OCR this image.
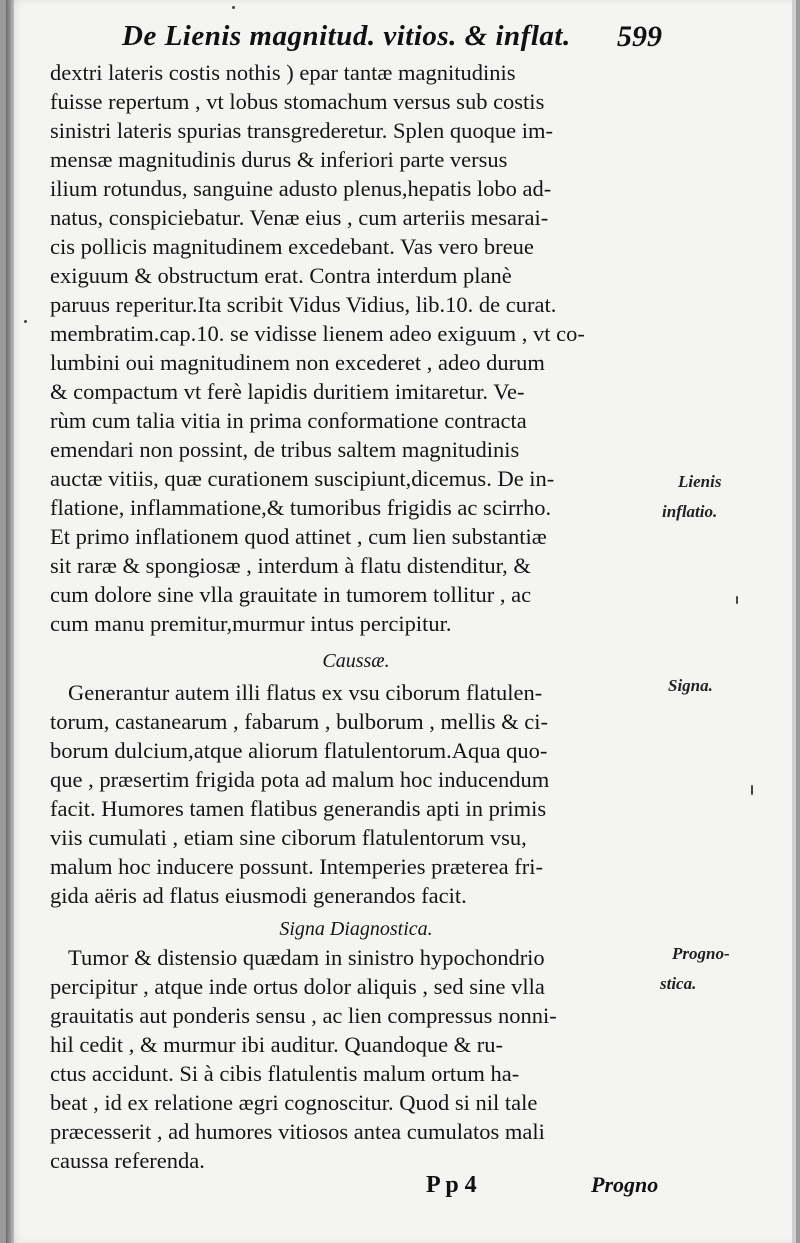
De Lienis magnitud. vitios. & inflat. 599
dextri lateris costis nothis ) epar tantæ magnitudinis
fuisse repertum , vt lobus stomachum versus sub costis
sinistri lateris spurias transgrederetur. Splen quoque im-
mensæ magnitudinis durus & inferiori parte versus
ilium rotundus, sanguine adusto plenus,hepatis lobo ad-
natus, conspiciebatur. Venæ eius , cum arteriis mesarai-
cis pollicis magnitudinem excedebant. Vas vero breue
exiguum & obstructum erat. Contra interdum planè
paruus reperitur.Ita scribit Vidus Vidius, lib.10. de curat.
membratim.cap.10. se vidisse lienem adeo exiguum , vt co-
lumbini oui magnitudinem non excederet , adeo durum
& compactum vt ferè lapidis duritiem imitaretur. Ve-
rùm cum talia vitia in prima conformatione contracta
emendari non possint, de tribus saltem magnitudinis
auctæ vitiis, quæ curationem suscipiunt,dicemus. De in-
flatione, inflammatione,& tumoribus frigidis ac scirrho.
Et primo inflationem quod attinet , cum lien substantiæ
sit raræ & spongiosæ , interdum à flatu distenditur, &
cum dolore sine vlla grauitate in tumorem tollitur , ac
cum manu premitur,murmur intus percipitur.
Caussæ.
Generantur autem illi flatus ex vsu ciborum flatulen-
torum, castanearum , fabarum , bulborum , mellis & ci-
borum dulcium,atque aliorum flatulentorum.Aqua quo-
que , præsertim frigida pota ad malum hoc inducendum
facit. Humores tamen flatibus generandis apti in primis
viis cumulati , etiam sine ciborum flatulentorum vsu,
malum hoc inducere possunt. Intemperies præterea fri-
gida aëris ad flatus eiusmodi generandos facit.
Signa Diagnostica.
Tumor & distensio quædam in sinistro hypochondrio
percipitur , atque inde ortus dolor aliquis , sed sine vlla
grauitatis aut ponderis sensu , ac lien compressus nonni-
hil cedit , & murmur ibi auditur. Quandoque & ru-
ctus accidunt. Si à cibis flatulentis malum ortum ha-
beat , id ex relatione ægri cognoscitur. Quod si nil tale
præcesserit , ad humores vitiosos antea cumulatos mali
caussa referenda.
Lienis
inflatio.
Signa.
Progno-
stica.
P p 4	Progno
